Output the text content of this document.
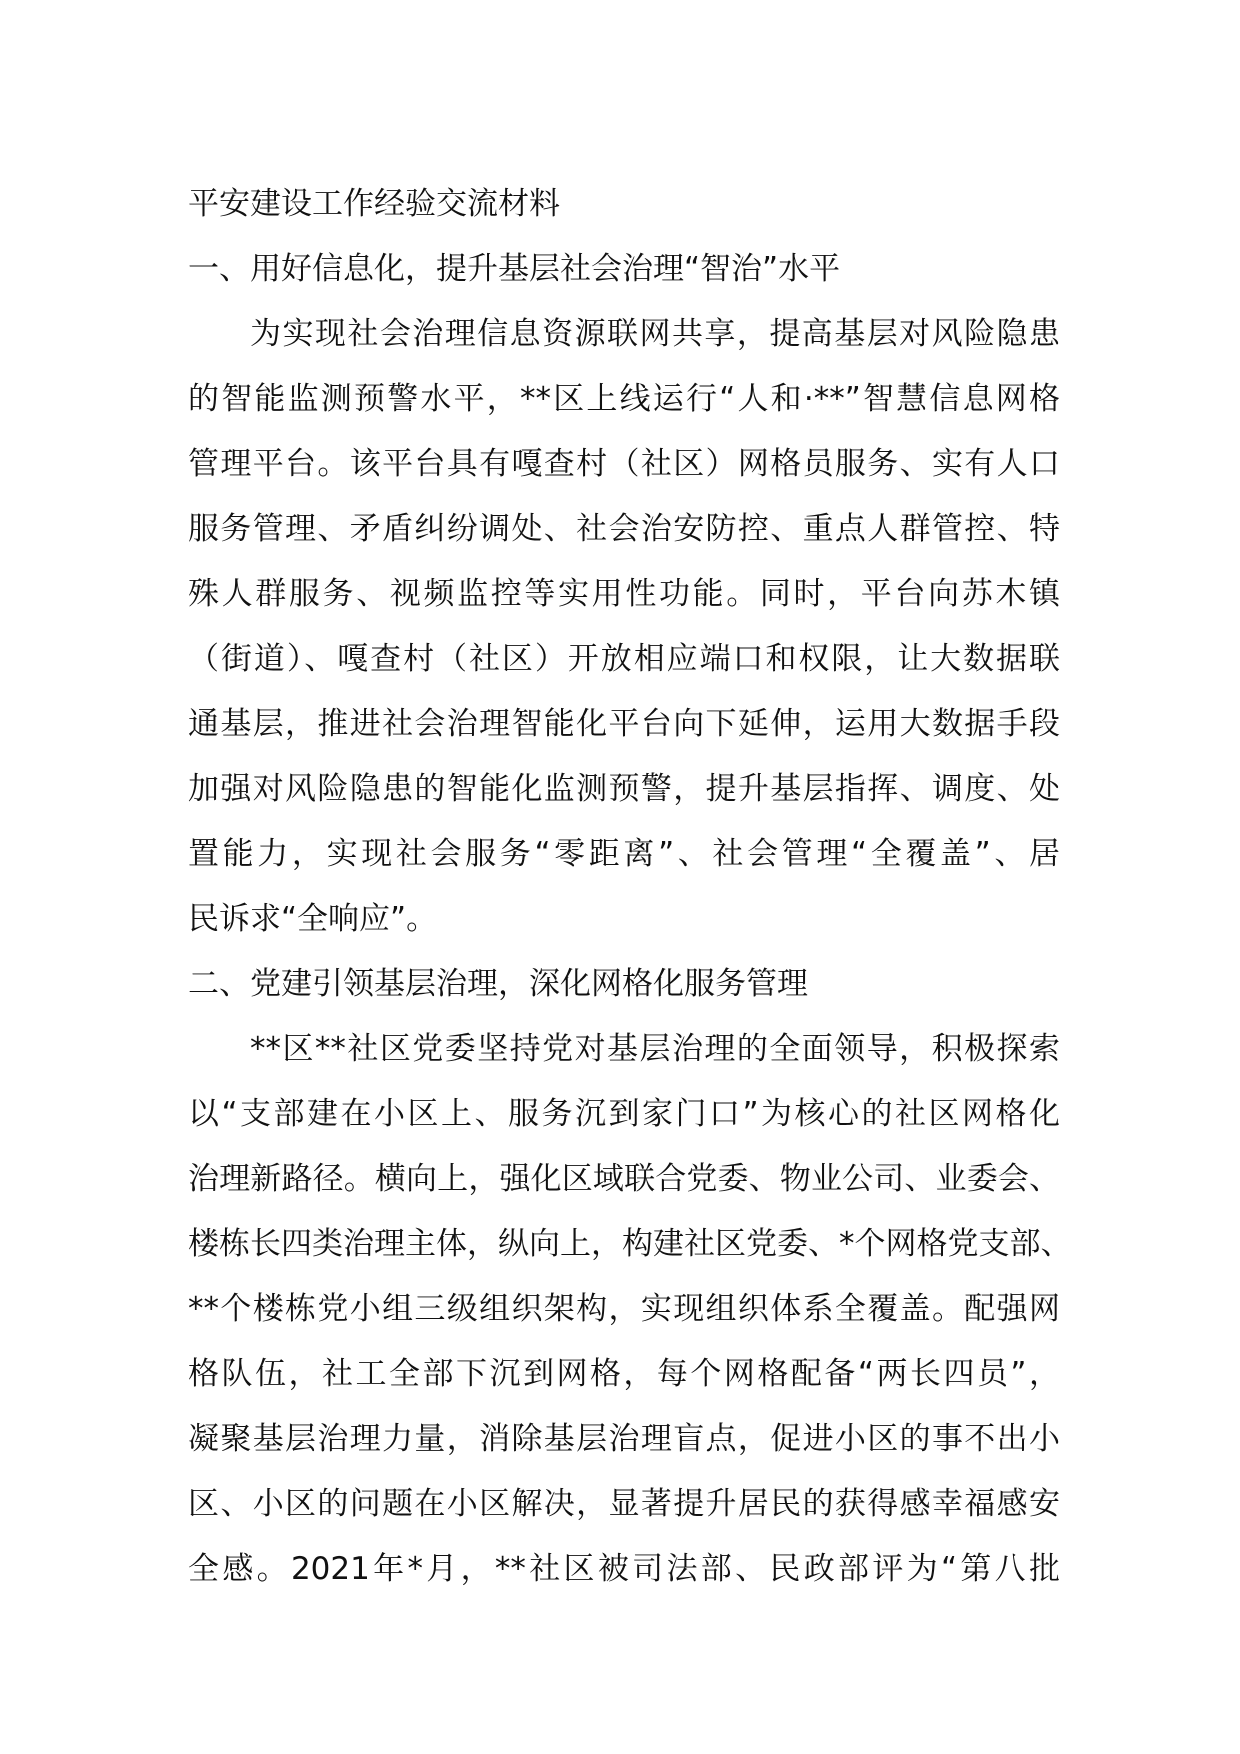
平安建设工作经验交流材料

一、用好信息化，提升基层社会治理“智治”水平

为实现社会治理信息资源联网共享，提高基层对风险隐患
的智能监测预警水平，**区上线运行“人和·**”智慧信息网格
管理平台。该平台具有嘎查村（社区）网格员服务、实有人口
服务管理、矛盾纠纷调处、社会治安防控、重点人群管控、特
殊人群服务、视频监控等实用性功能。同时，平台向苏木镇
（街道）、嘎查村（社区）开放相应端口和权限，让大数据联
通基层，推进社会治理智能化平台向下延伸，运用大数据手段
加强对风险隐患的智能化监测预警，提升基层指挥、调度、处
置能力，实现社会服务“零距离”、社会管理“全覆盖”、居
民诉求“全响应”。

二、党建引领基层治理，深化网格化服务管理

**区**社区党委坚持党对基层治理的全面领导，积极探索
以“支部建在小区上、服务沉到家门口”为核心的社区网格化
治理新路径。横向上，强化区域联合党委、物业公司、业委会、
楼栋长四类治理主体，纵向上，构建社区党委、*个网格党支部、
**个楼栋党小组三级组织架构，实现组织体系全覆盖。配强网
格队伍，社工全部下沉到网格，每个网格配备“两长四员”，
凝聚基层治理力量，消除基层治理盲点，促进小区的事不出小
区、小区的问题在小区解决，显著提升居民的获得感幸福感安
全感。2021年*月，**社区被司法部、民政部评为“第八批
